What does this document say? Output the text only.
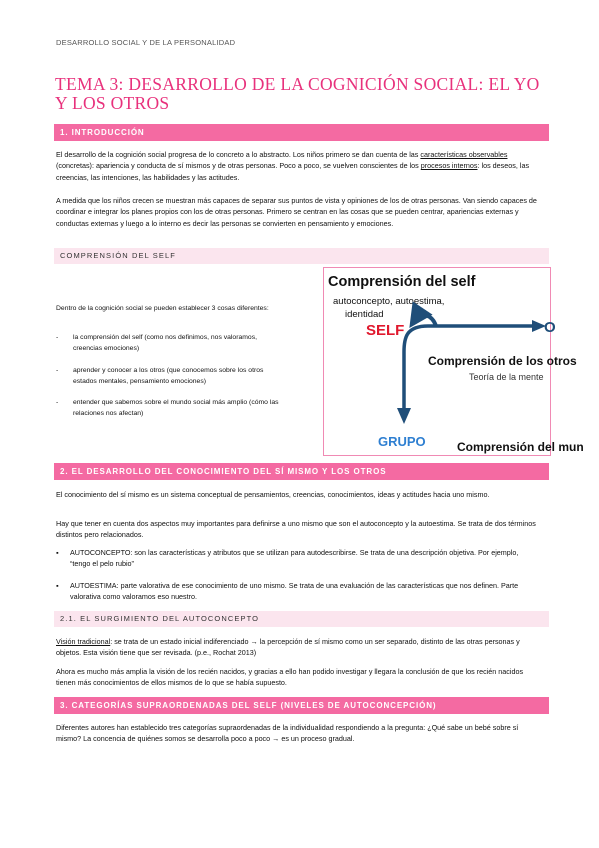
DESARROLLO SOCIAL Y DE LA PERSONALIDAD
TEMA 3: DESARROLLO DE LA COGNICIÓN SOCIAL: EL YO
Y LOS OTROS
1. INTRODUCCIÓN
El desarrollo de la cognición social progresa de lo concreto a lo abstracto. Los niños primero se dan cuenta de las características observables (concretas): apariencia y conducta de sí mismos y de otras personas. Poco a poco, se vuelven conscientes de los procesos internos: los deseos, las creencias, las intenciones, las habilidades y las actitudes.
A medida que los niños crecen se muestran más capaces de separar sus puntos de vista y opiniones de los de otras personas. Van siendo capaces de coordinar e integrar los planes propios con los de otras personas. Primero se centran en las cosas que se pueden centrar, apariencias externas y conductas externas y luego a lo interno es decir las personas se convierten en pensamiento y emociones.
COMPRENSIÓN DEL SELF
Dentro de la cognición social se pueden establecer 3 cosas diferentes:
- la comprensión del self (como nos definimos, nos valoramos, creencias emociones)
- aprender y conocer a los otros (que conocemos sobre los otros estados mentales, pensamiento emociones)
- entender que sabemos sobre el mundo social más amplio (cómo las relaciones nos afectan)
Comprensión del self
autoconcepto, autoestima,
identidad
SELF	O
Comprensión de los otros
Teoría de la mente
GRUPO	Comprensión del mun
2. EL DESARROLLO DEL CONOCIMIENTO DEL SÍ MISMO Y LOS OTROS
El conocimiento del sí mismo es un sistema conceptual de pensamientos, creencias, conocimientos, ideas y actitudes hacia uno mismo.
Hay que tener en cuenta dos aspectos muy importantes para definirse a uno mismo que son el autoconcepto y la autoestima. Se trata de dos términos distintos pero relacionados.
▪ AUTOCONCEPTO: son las características y atributos que se utilizan para autodescribirse. Se trata de una descripción objetiva. Por ejemplo, “tengo el pelo rubio”
▪ AUTOESTIMA: parte valorativa de ese conocimiento de uno mismo. Se trata de una evaluación de las características que nos definen. Parte valorativa como valoramos eso nuestro.
2.1. EL SURGIMIENTO DEL AUTOCONCEPTO
Visión tradicional: se trata de un estado inicial indiferenciado → la percepción de sí mismo como un ser separado, distinto de las otras personas y objetos. Esta visión tiene que ser revisada. (p.e., Rochat 2013)
Ahora es mucho más amplia la visión de los recién nacidos, y gracias a ello han podido investigar y llegara la conclusión de que los recién nacidos tienen más conocimientos de ellos mismos de lo que se había supuesto.
3. CATEGORÍAS SUPRAORDENADAS DEL SELF (NIVELES DE AUTOCONCEPCIÓN)
Diferentes autores han establecido tres categorías supraordenadas de la individualidad respondiendo a la pregunta: ¿Qué sabe un bebé sobre sí mismo? La concencia de quiénes somos se desarrolla poco a poco → es un proceso gradual.
